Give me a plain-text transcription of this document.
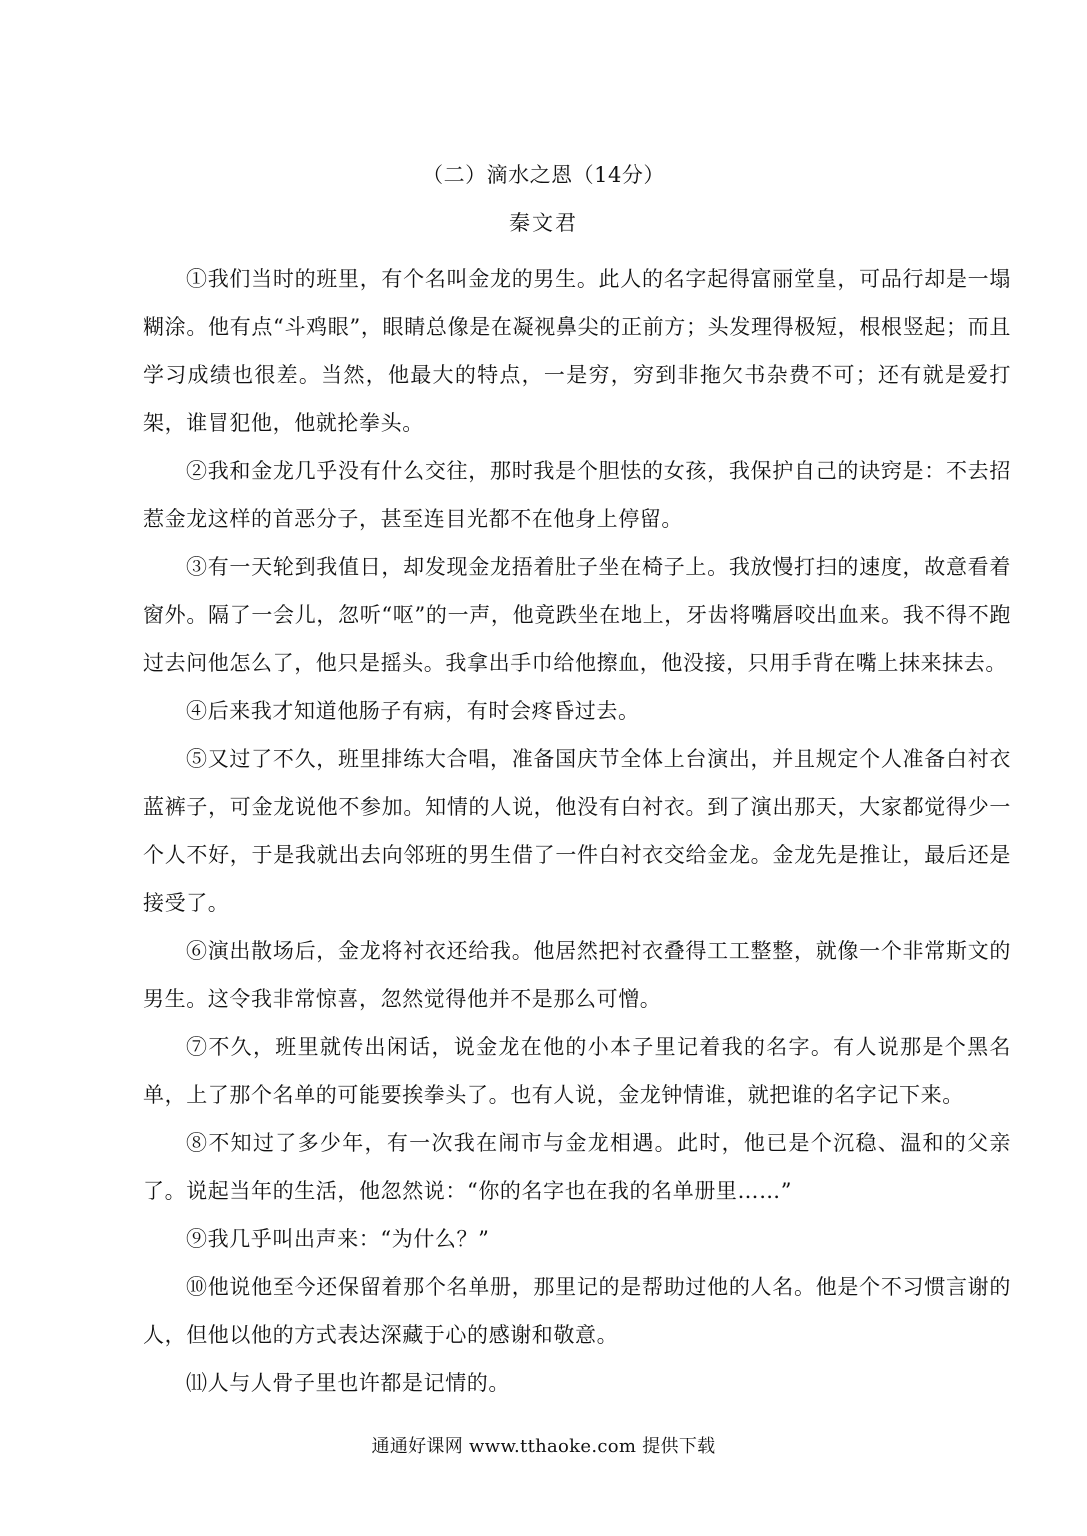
（二）滴水之恩（14分）
秦文君

①我们当时的班里，有个名叫金龙的男生。此人的名字起得富丽堂皇，可品行却是一塌糊涂。他有点“斗鸡眼”，眼睛总像是在凝视鼻尖的正前方；头发理得极短，根根竖起；而且学习成绩也很差。当然，他最大的特点，一是穷，穷到非拖欠书杂费不可；还有就是爱打架，谁冒犯他，他就抡拳头。

②我和金龙几乎没有什么交往，那时我是个胆怯的女孩，我保护自己的诀窍是：不去招惹金龙这样的首恶分子，甚至连目光都不在他身上停留。

③有一天轮到我值日，却发现金龙捂着肚子坐在椅子上。我放慢打扫的速度，故意看着窗外。隔了一会儿，忽听“呕”的一声，他竟跌坐在地上，牙齿将嘴唇咬出血来。我不得不跑过去问他怎么了，他只是摇头。我拿出手巾给他擦血，他没接，只用手背在嘴上抹来抹去。

④后来我才知道他肠子有病，有时会疼昏过去。

⑤又过了不久，班里排练大合唱，准备国庆节全体上台演出，并且规定个人准备白衬衣蓝裤子，可金龙说他不参加。知情的人说，他没有白衬衣。到了演出那天，大家都觉得少一个人不好，于是我就出去向邻班的男生借了一件白衬衣交给金龙。金龙先是推让，最后还是接受了。

⑥演出散场后，金龙将衬衣还给我。他居然把衬衣叠得工工整整，就像一个非常斯文的男生。这令我非常惊喜，忽然觉得他并不是那么可憎。

⑦不久，班里就传出闲话，说金龙在他的小本子里记着我的名字。有人说那是个黑名单，上了那个名单的可能要挨拳头了。也有人说，金龙钟情谁，就把谁的名字记下来。

⑧不知过了多少年，有一次我在闹市与金龙相遇。此时，他已是个沉稳、温和的父亲了。说起当年的生活，他忽然说：“你的名字也在我的名单册里……”

⑨我几乎叫出声来：“为什么？”

⑩他说他至今还保留着那个名单册，那里记的是帮助过他的人名。他是个不习惯言谢的人，但他以他的方式表达深藏于心的感谢和敬意。

⑾人与人骨子里也许都是记情的。

通通好课网 www.tthaoke.com 提供下载
